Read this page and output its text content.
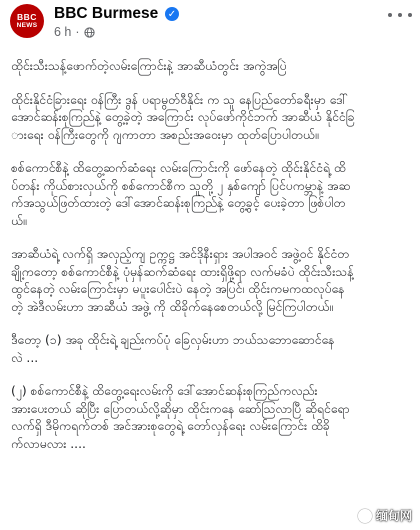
BBC
NEWS
BBC Burmese ✓
6 h ·

ထိုင်းသီးသန့်ဖောက်တဲ့လမ်းကြောင်းနဲ့ အာဆီယံတွင်း အကွဲအပြဲ

ထိုင်းနိုင်ငံခြားရေး ဝန်ကြီး ဒွန် ပရာမွတ်ဝီနိုင်း က သူ နေပြည်တော်ခရီးမှာ ဒေါ်
အောင်ဆန်းစုကြည်နဲ့ တွေ့ခဲ့တဲ့ အကြောင်း လုပ်ဖော်ကိုင်ဘက် အာဆီယံ နိုင်ငံခြ
ားရေး ဝန်ကြီးတွေကို ဂျကာတာ အစည်းအဝေးမှာ ထုတ်ပြောပါတယ်။

စစ်ကောင်စီနဲ့ ထိတွေ့ဆက်ဆံရေး လမ်းကြောင်းကို ဖော်နေတဲ့ ထိုင်းနိုင်ငံရဲ့ ထိ
ပ်တန်း ကိုယ်စားလှယ်ကို စစ်ကောင်စီက သူတို့ ၂ နှစ်ကျော် ပြင်ပကမ္ဘာနဲ့ အဆ
က်အသွယ်ဖြတ်ထားတဲ့ ဒေါ်အောင်ဆန်းစုကြည်နဲ့ တွေ့ခွင့် ပေးခဲ့တာ ဖြစ်ပါတ
ယ်။

အာဆီယံရဲ့ လက်ရှိ အလှည့်ကျ ဥက္ကဋ္ဌ အင်ဒိုနီးရှား အပါအဝင် အဖွဲ့ဝင် နိုင်ငံတ
ချို့ကတော့ စစ်ကောင်စီနဲ့ ပုံမှန်ဆက်ဆံရေး ထားရှိဖို့ရာ လက်မခံပဲ ထိုင်းသီးသန့်
ထွင်နေတဲ့ လမ်းကြောင်းမှာ မပူးပေါင်းပဲ နေတဲ့ အပြင်၊ ထိုင်းကမကထလုပ်နေ
တဲ့ အဲဒီလမ်းဟာ အာဆီယံ အဖွဲ့ ကို ထိခိုက်နေစေတယ်လို့ မြင်ကြပါတယ်။

ဒီတော့ (၁) အခု ထိုင်းရဲ့ ချည်းကပ်ပုံ ခြေလှမ်းဟာ ဘယ်သဘောဆောင်နေ
လဲ ...

(၂) စစ်ကောင်စီနဲ့ ထိတွေ့ရေးလမ်းကို ဒေါ်အောင်ဆန်းစုကြည်ကလည်း
အားပေးတယ် ဆိုပြီး ပြောတယ်လို့ဆိုမှာ ထိုင်းကနေ ဆော်ဩလာပြီ ဆိုရင်ရော
လက်ရှိ ဒီမိုကရက်တစ် အင်အားစုတွေရဲ့ တော်လှန်ရေး လမ်းကြောင်း ထိခို
က်လာမလား ....

缅甸网
